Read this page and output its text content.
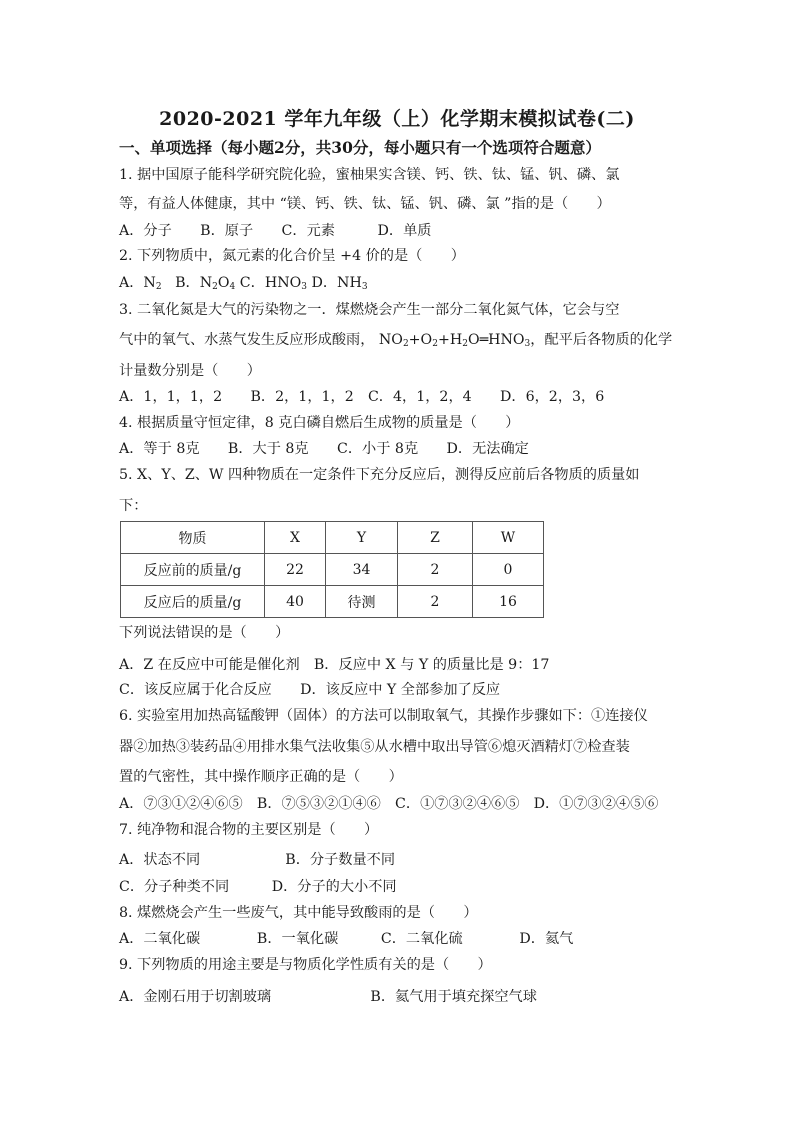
2020-2021 学年九年级（上）化学期末模拟试卷(二)
一、单项选择（每小题2分，共30分，每小题只有一个选项符合题意）
1. 据中国原子能科学研究院化验，蜜柚果实含镁、钙、铁、钛、锰、钒、磷、氯
等，有益人体健康，其中 “镁、钙、铁、钛、锰、钒、磷、氯 ”指的是（　　）
A．分子　　B．原子　　C．元素　　　D．单质
2. 下列物质中，氮元素的化合价呈 +4 价的是（　　）
A．$N_2$ B．$N_2O_4$ C．$HNO_3$ D．$NH_3$
3. 二氧化氮是大气的污染物之一．煤燃烧会产生一部分二氧化氮气体，它会与空
气中的氧气、水蒸气发生反应形成酸雨， $NO_2+O_2+H_2O═HNO_3$，配平后各物质的化学
计量数分别是（　　）
A．1，1，1，2　　B．2，1，1，2　C．4，1，2，4　　D．6，2，3，6
4. 根据质量守恒定律，8 克白磷自燃后生成物的质量是（　　）
A．等于 8克　　B．大于 8克　　C．小于 8克　　D．无法确定
5. X、Y、Z、W 四种物质在一定条件下充分反应后，测得反应前后各物质的质量如
下：
物质	X	Y	Z	W
反应前的质量/g	22	34	2	0
反应后的质量/g	40	待测	2	16
下列说法错误的是（　　）
A．Z 在反应中可能是催化剂　B．反应中 X 与 Y 的质量比是 9：17
C．该反应属于化合反应　　D．该反应中 Y 全部参加了反应
6. 实验室用加热高锰酸钾（固体）的方法可以制取氧气，其操作步骤如下：①连接仪
器②加热③装药品④用排水集气法收集⑤从水槽中取出导管⑥熄灭酒精灯⑦检查装
置的气密性，其中操作顺序正确的是（　　）
A．⑦③①②④⑥⑤　B．⑦⑤③②①④⑥　C．①⑦③②④⑥⑤　D．①⑦③②④⑤⑥
7. 纯净物和混合物的主要区别是（　　）
A．状态不同　　　　　　B．分子数量不同
C．分子种类不同　　　D．分子的大小不同
8. 煤燃烧会产生一些废气，其中能导致酸雨的是（　　）
A．二氧化碳　　　　B．一氧化碳　　　C．二氧化硫　　　　D．氦气
9. 下列物质的用途主要是与物质化学性质有关的是（　　）
A．金刚石用于切割玻璃　　　　　　　B．氦气用于填充探空气球
